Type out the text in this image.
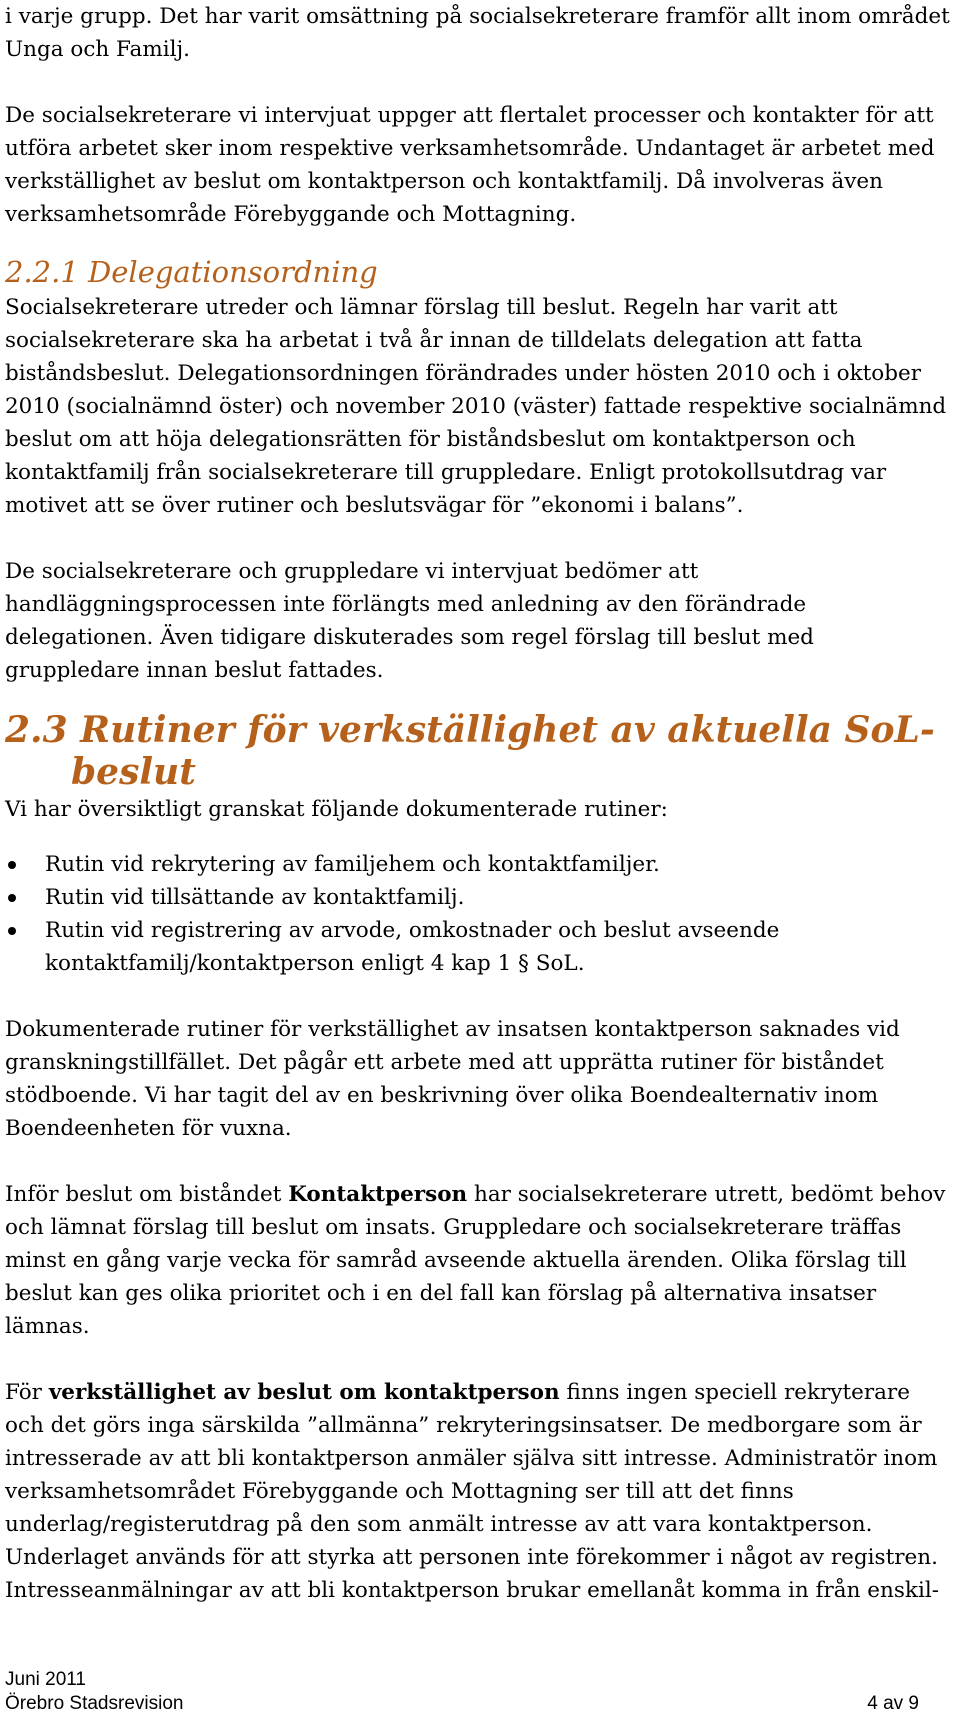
i varje grupp. Det har varit omsättning på socialsekreterare framför allt inom området Unga och Familj.

De socialsekreterare vi intervjuat uppger att flertalet processer och kontakter för att utföra arbetet sker inom respektive verksamhetsområde. Undantaget är arbetet med verkställighet av beslut om kontaktperson och kontaktfamilj. Då involveras även verksamhetsområde Förebyggande och Mottagning.

2.2.1 Delegationsordning

Socialsekreterare utreder och lämnar förslag till beslut. Regeln har varit att socialsekreterare ska ha arbetat i två år innan de tilldelats delegation att fatta biståndsbeslut. Delegationsordningen förändrades under hösten 2010 och i oktober 2010 (socialnämnd öster) och november 2010 (väster) fattade respektive socialnämnd beslut om att höja delegationsrätten för biståndsbeslut om kontaktperson och kontaktfamilj från socialsekreterare till gruppledare. Enligt protokollsutdrag var motivet att se över rutiner och beslutsvägar för ”ekonomi i balans”.

De socialsekreterare och gruppledare vi intervjuat bedömer att handläggningsprocessen inte förlängts med anledning av den förändrade delegationen. Även tidigare diskuterades som regel förslag till beslut med gruppledare innan beslut fattades.

2.3 Rutiner för verkställighet av aktuella SoL-
beslut

Vi har översiktligt granskat följande dokumenterade rutiner:

Rutin vid rekrytering av familjehem och kontaktfamiljer.
Rutin vid tillsättande av kontaktfamilj.
Rutin vid registrering av arvode, omkostnader och beslut avseende kontaktfamilj/kontaktperson enligt 4 kap 1 § SoL.

Dokumenterade rutiner för verkställighet av insatsen kontaktperson saknades vid granskningstillfället. Det pågår ett arbete med att upprätta rutiner för biståndet stödboende. Vi har tagit del av en beskrivning över olika Boendealternativ inom Boendeenheten för vuxna.

Inför beslut om biståndet Kontaktperson har socialsekreterare utrett, bedömt behov och lämnat förslag till beslut om insats. Gruppledare och socialsekreterare träffas minst en gång varje vecka för samråd avseende aktuella ärenden. Olika förslag till beslut kan ges olika prioritet och i en del fall kan förslag på alternativa insatser lämnas.

För verkställighet av beslut om kontaktperson finns ingen speciell rekryterare och det görs inga särskilda ”allmänna” rekryteringsinsatser. De medborgare som är intresserade av att bli kontaktperson anmäler själva sitt intresse. Administratör inom verksamhetsområdet Förebyggande och Mottagning ser till att det finns underlag/registerutdrag på den som anmält intresse av att vara kontaktperson. Underlaget används för att styrka att personen inte förekommer i något av registren. Intresseanmälningar av att bli kontaktperson brukar emellanåt komma in från enskil-

Juni 2011
Örebro Stadsrevision	4 av 9
